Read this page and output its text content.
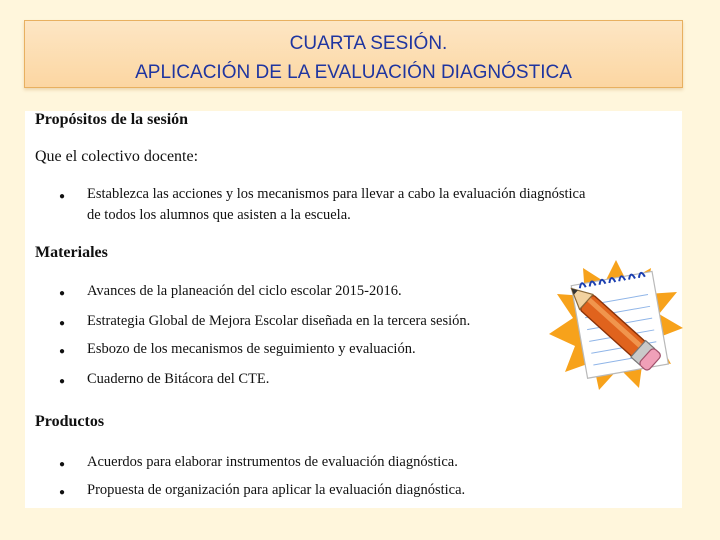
CUARTA SESIÓN.
APLICACIÓN DE LA EVALUACIÓN DIAGNÓSTICA
Propósitos de la sesión
Que el colectivo docente:
● Establezca las acciones y los mecanismos para llevar a cabo la evaluación diagnóstica
de todos los alumnos que asisten a la escuela.
Materiales
● Avances de la planeación del ciclo escolar 2015-2016.
● Estrategia Global de Mejora Escolar diseñada en la tercera sesión.
● Esbozo de los mecanismos de seguimiento y evaluación.
● Cuaderno de Bitácora del CTE.
Productos
● Acuerdos para elaborar instrumentos de evaluación diagnóstica.
● Propuesta de organización para aplicar la evaluación diagnóstica.
